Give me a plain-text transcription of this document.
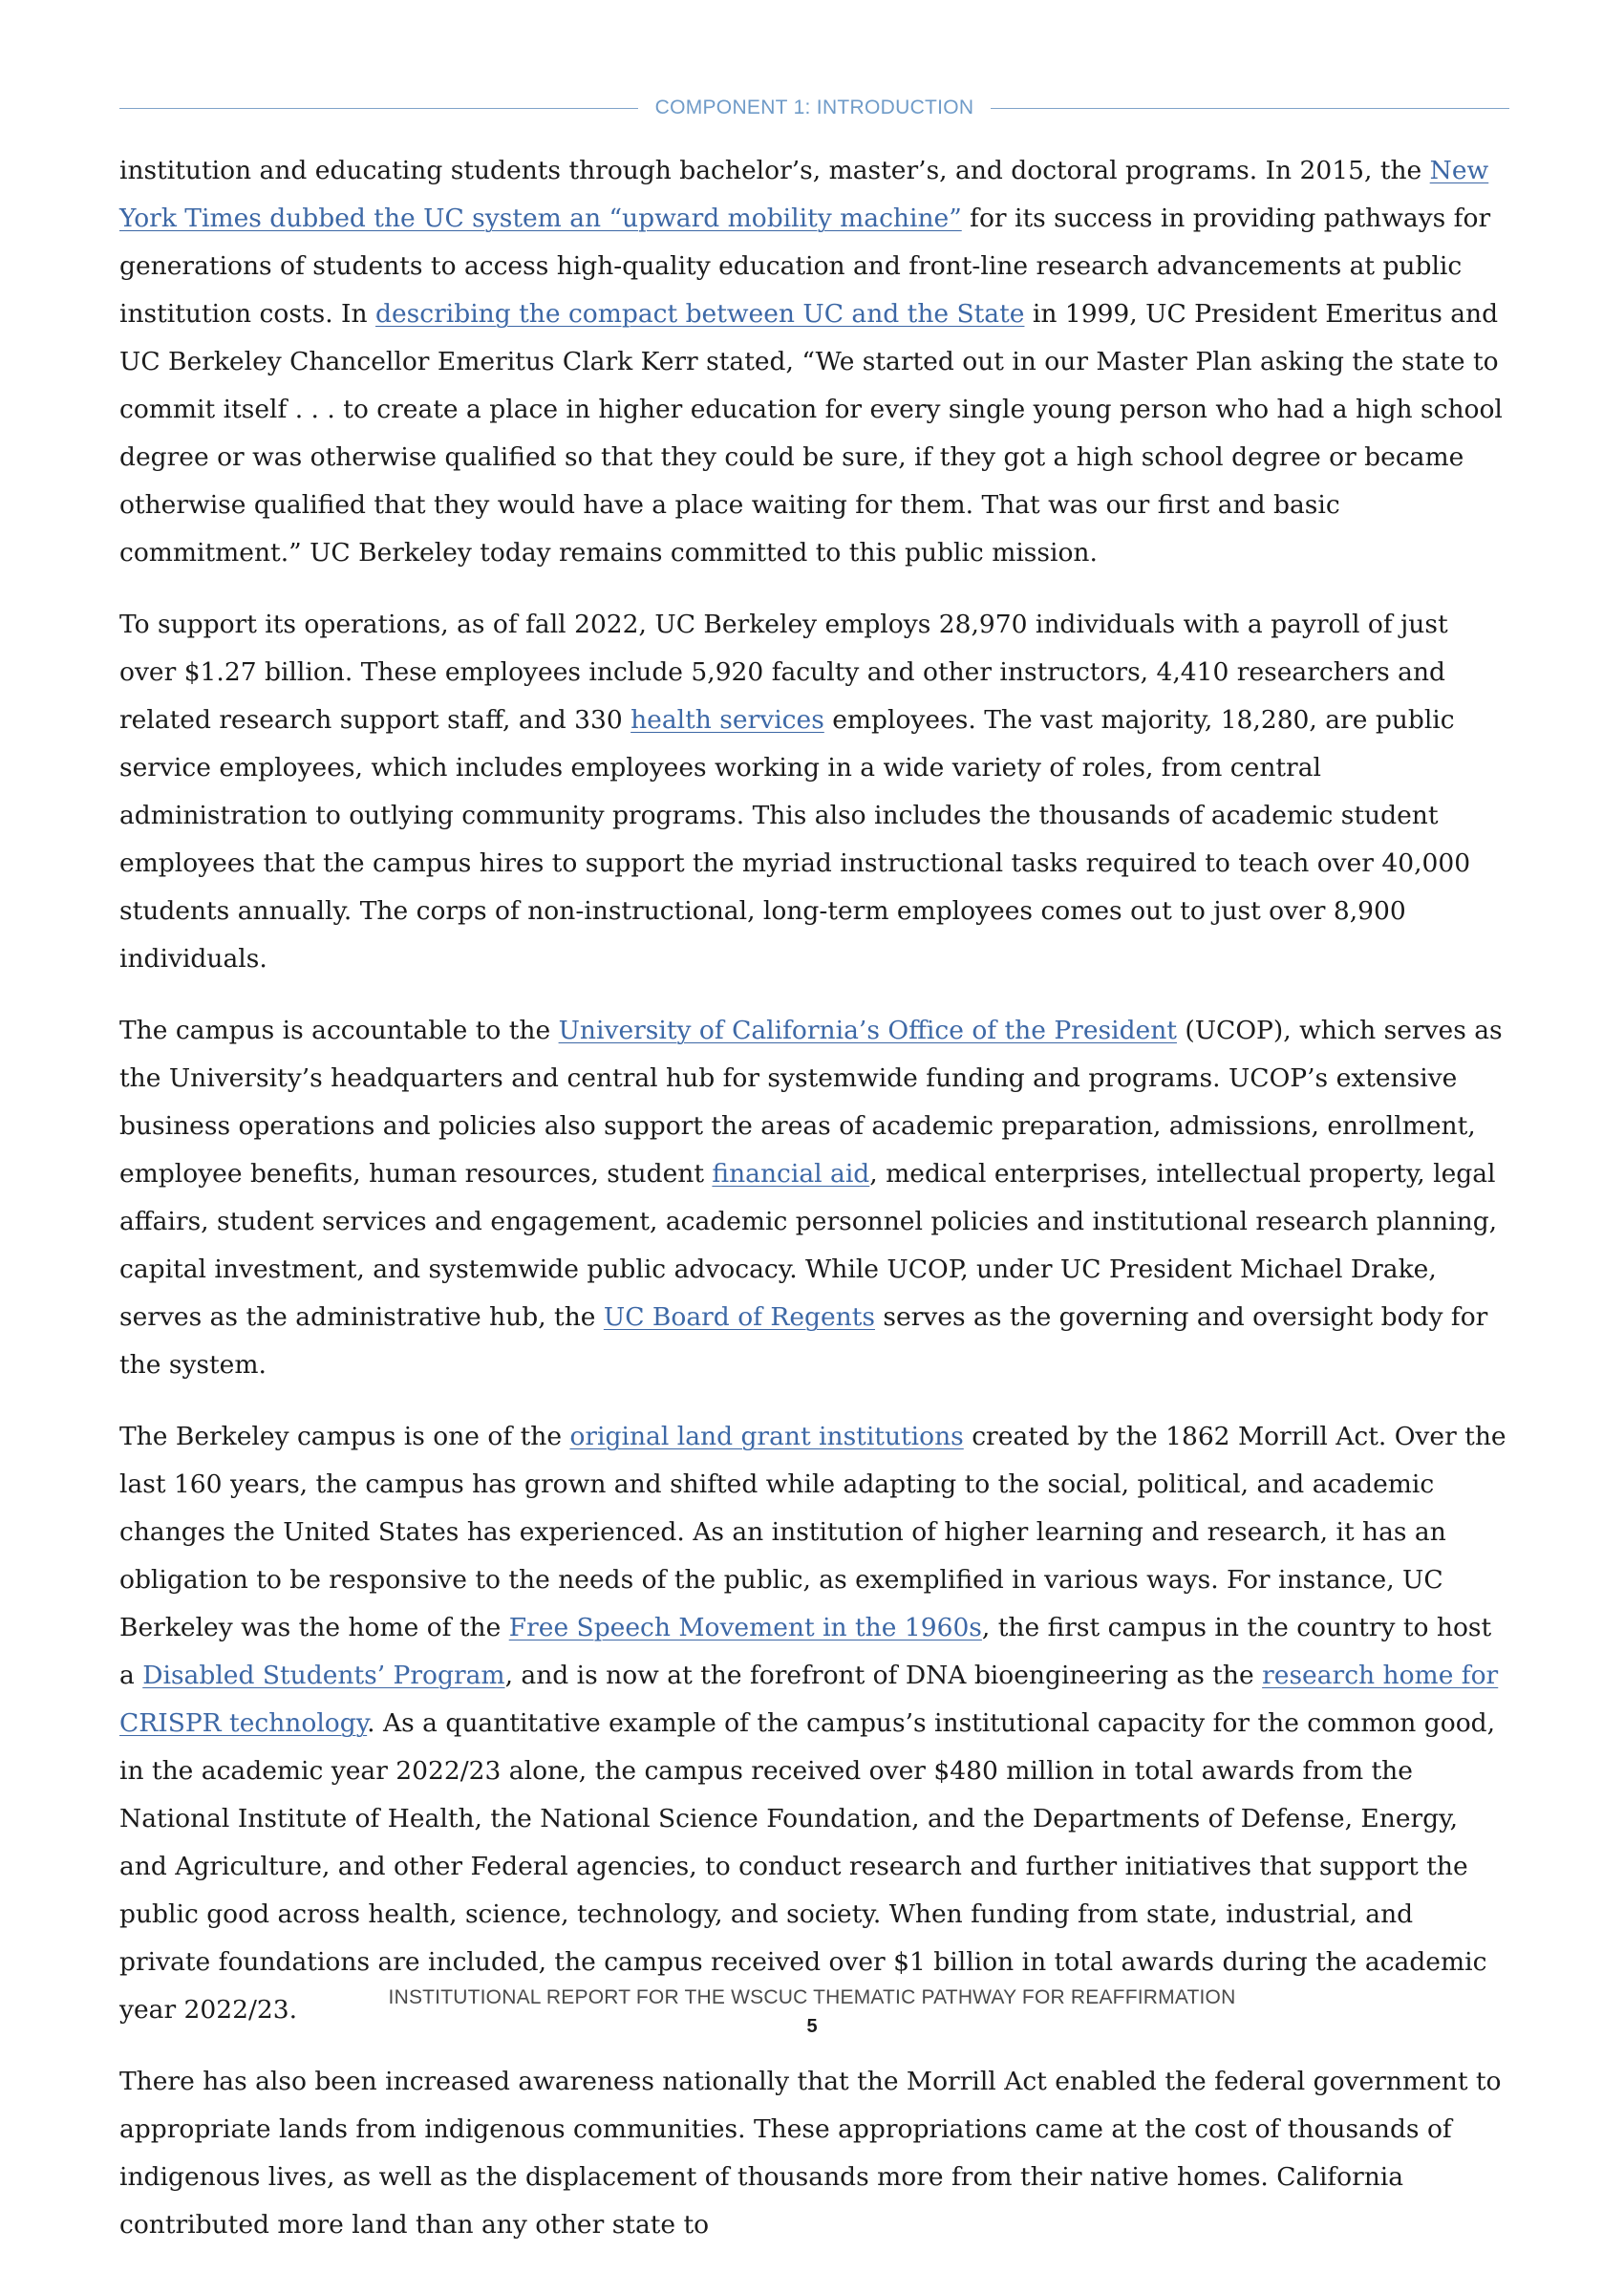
COMPONENT 1: INTRODUCTION

institution and educating students through bachelor’s, master’s, and doctoral programs. In 2015, the New York Times dubbed the UC system an “upward mobility machine” for its success in providing pathways for generations of students to access high-quality education and front-line research advancements at public institution costs. In describing the compact between UC and the State in 1999, UC President Emeritus and UC Berkeley Chancellor Emeritus Clark Kerr stated, “We started out in our Master Plan asking the state to commit itself . . . to create a place in higher education for every single young person who had a high school degree or was otherwise qualified so that they could be sure, if they got a high school degree or became otherwise qualified that they would have a place waiting for them. That was our first and basic commitment.” UC Berkeley today remains committed to this public mission.

To support its operations, as of fall 2022, UC Berkeley employs 28,970 individuals with a payroll of just over $1.27 billion. These employees include 5,920 faculty and other instructors, 4,410 researchers and related research support staff, and 330 health services employees. The vast majority, 18,280, are public service employees, which includes employees working in a wide variety of roles, from central administration to outlying community programs. This also includes the thousands of academic student employees that the campus hires to support the myriad instructional tasks required to teach over 40,000 students annually. The corps of non-instructional, long-term employees comes out to just over 8,900 individuals.

The campus is accountable to the University of California’s Office of the President (UCOP), which serves as the University’s headquarters and central hub for systemwide funding and programs. UCOP’s extensive business operations and policies also support the areas of academic preparation, admissions, enrollment, employee benefits, human resources, student financial aid, medical enterprises, intellectual property, legal affairs, student services and engagement, academic personnel policies and institutional research planning, capital investment, and systemwide public advocacy. While UCOP, under UC President Michael Drake, serves as the administrative hub, the UC Board of Regents serves as the governing and oversight body for the system.

The Berkeley campus is one of the original land grant institutions created by the 1862 Morrill Act. Over the last 160 years, the campus has grown and shifted while adapting to the social, political, and academic changes the United States has experienced. As an institution of higher learning and research, it has an obligation to be responsive to the needs of the public, as exemplified in various ways. For instance, UC Berkeley was the home of the Free Speech Movement in the 1960s, the first campus in the country to host a Disabled Students’ Program, and is now at the forefront of DNA bioengineering as the research home for CRISPR technology. As a quantitative example of the campus’s institutional capacity for the common good, in the academic year 2022/23 alone, the campus received over $480 million in total awards from the National Institute of Health, the National Science Foundation, and the Departments of Defense, Energy, and Agriculture, and other Federal agencies, to conduct research and further initiatives that support the public good across health, science, technology, and society. When funding from state, industrial, and private foundations are included, the campus received over $1 billion in total awards during the academic year 2022/23.

There has also been increased awareness nationally that the Morrill Act enabled the federal government to appropriate lands from indigenous communities. These appropriations came at the cost of thousands of indigenous lives, as well as the displacement of thousands more from their native homes. California contributed more land than any other state to

INSTITUTIONAL REPORT FOR THE WSCUC THEMATIC PATHWAY FOR REAFFIRMATION
5
